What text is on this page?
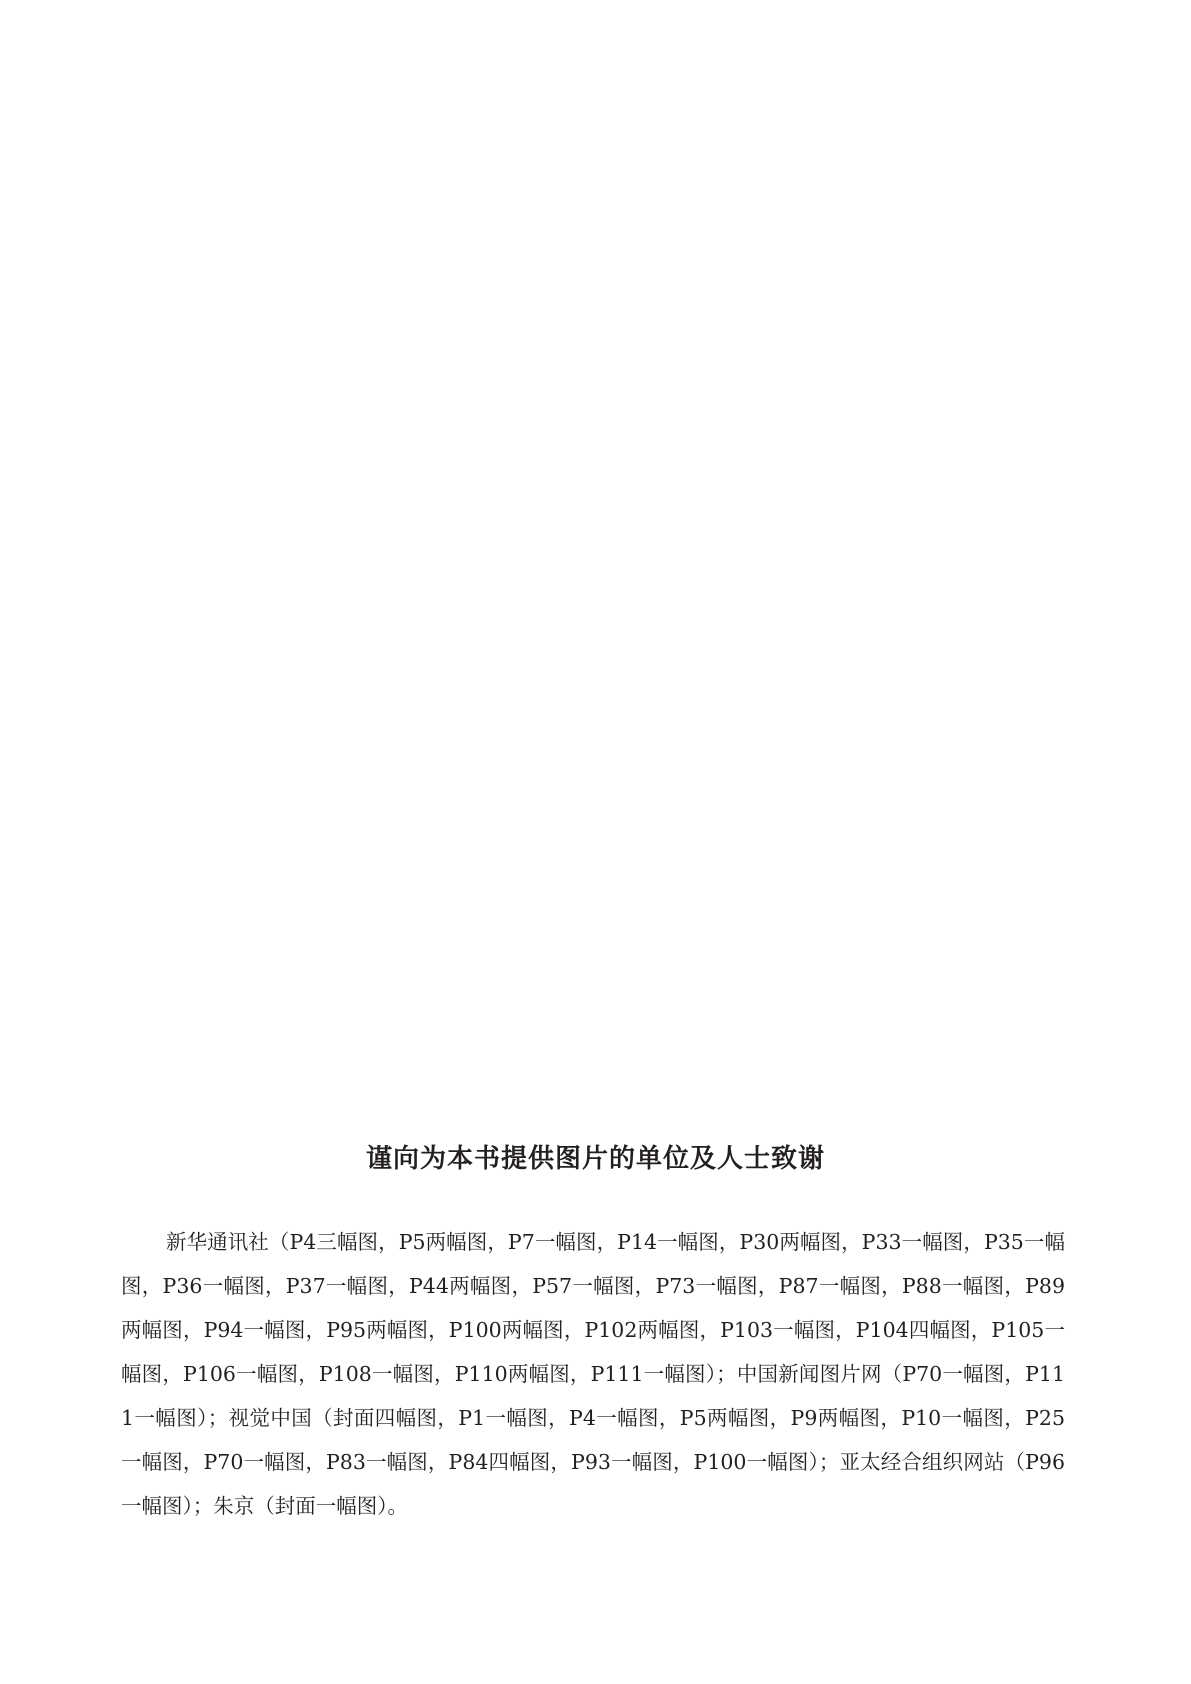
谨向为本书提供图片的单位及人士致谢

新华通讯社（P4三幅图，P5两幅图，P7一幅图，P14一幅图，P30两幅图，P33一幅图，P35一幅图，P36一幅图，P37一幅图，P44两幅图，P57一幅图，P73一幅图，P87一幅图，P88一幅图，P89两幅图，P94一幅图，P95两幅图，P100两幅图，P102两幅图，P103一幅图，P104四幅图，P105一幅图，P106一幅图，P108一幅图，P110两幅图，P111一幅图）；中国新闻图片网（P70一幅图，P111一幅图）；视觉中国（封面四幅图，P1一幅图，P4一幅图，P5两幅图，P9两幅图，P10一幅图，P25一幅图，P70一幅图，P83一幅图，P84四幅图，P93一幅图，P100一幅图）；亚太经合组织网站（P96一幅图）；朱京（封面一幅图）。
